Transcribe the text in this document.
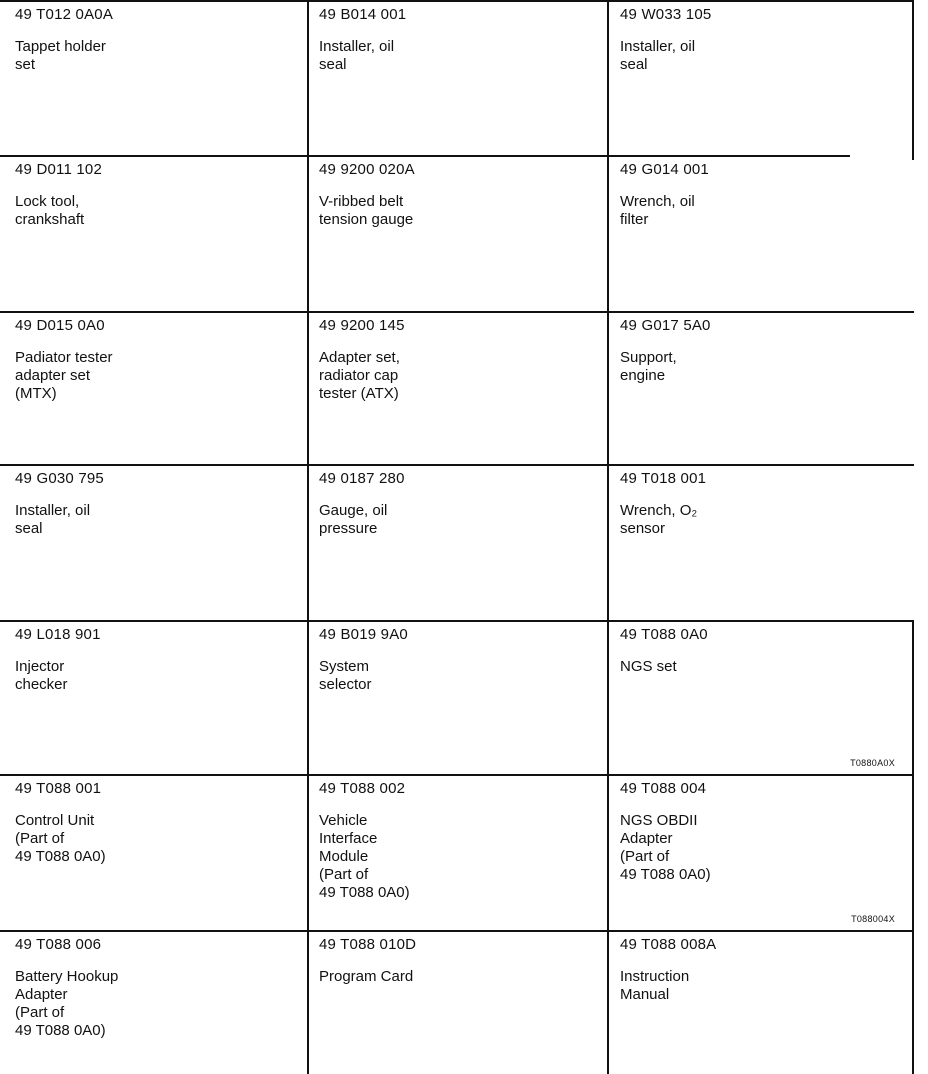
49 T012 0A0A
Tappet holder
set
49 B014 001
Installer, oil
seal
49 W033 105
Installer, oil
seal
49 D011 102
Lock tool,
crankshaft
49 9200 020A
V-ribbed belt
tension gauge
49 G014 001
Wrench, oil
filter
49 D015 0A0
Padiator tester
adapter set
(MTX)
49 9200 145
Adapter set,
radiator cap
tester (ATX)
49 G017 5A0
Support,
engine
49 G030 795
Installer, oil
seal
49 0187 280
Gauge, oil
pressure
49 T018 001
Wrench, O₂
sensor
49 L018 901
Injector
checker
49 B019 9A0
System
selector
49 T088 0A0
NGS set
T0880A0X
49 T088 001
Control Unit
(Part of
49 T088 0A0)
49 T088 002
Vehicle
Interface
Module
(Part of
49 T088 0A0)
49 T088 004
NGS OBDII
Adapter
(Part of
49 T088 0A0)
T088004X
49 T088 006
Battery Hookup
Adapter
(Part of
49 T088 0A0)
49 T088 010D
Program Card
49 T088 008A
Instruction
Manual
